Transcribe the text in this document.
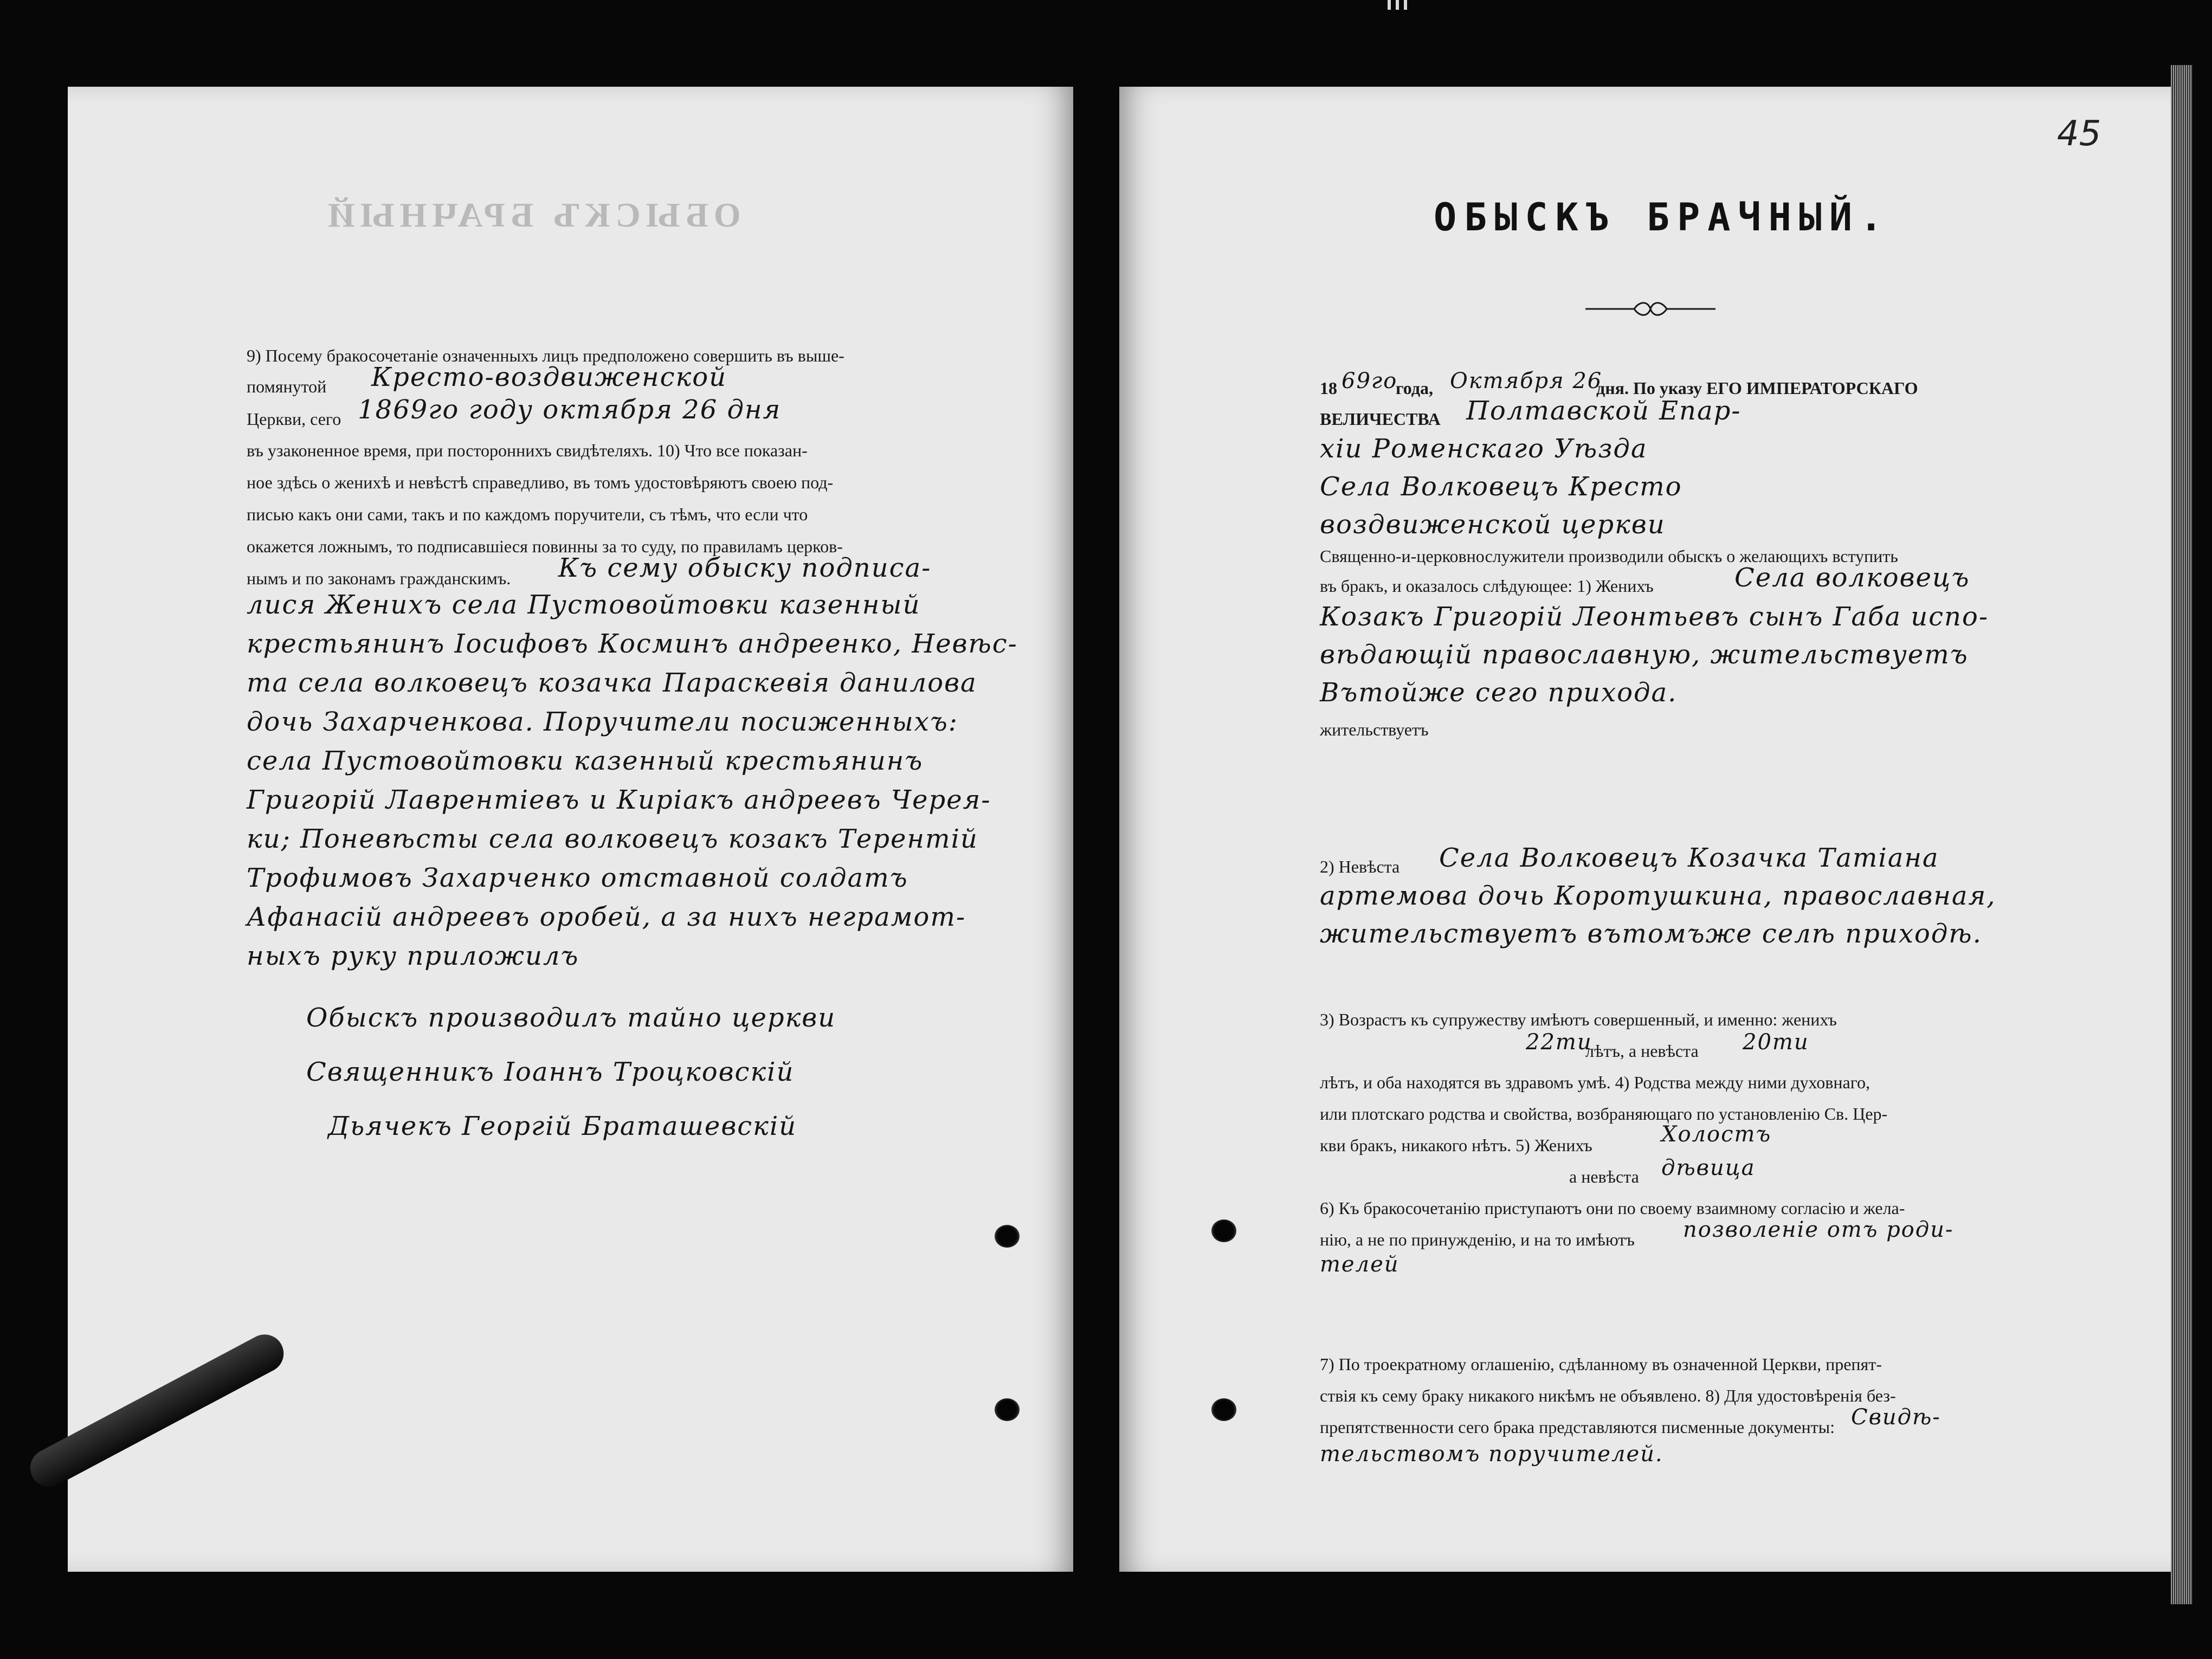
ОБЫСКЪ БРАЧНЫЙ
9) Посему бракосочетаніе означенныхъ лицъ предположено совершить въ выше-
помянутой Кресто-воздвиженской
Церкви, сего 1869го году октября 26 дня
въ узаконенное время, при постороннихъ свидѣтеляхъ. 10) Что все показан-
ное здѣсь о женихѣ и невѣстѣ справедливо, въ томъ удостовѣряютъ своею под-
писью какъ они сами, такъ и по каждомъ поручители, съ тѣмъ, что если что
окажется ложнымъ, то подписавшіеся повинны за то суду, по правиламъ церков-
нымъ и по законамъ гражданскимъ. Къ сему обыску подписа-
лися Женихъ села Пустовойтовки казенный
крестьянинъ Іосифовъ Косминъ андреенко, Невѣс-
та села волковецъ козачка Параскевія данилова
дочь Захарченкова. Поручители посиженныхъ:
села Пустовойтовки казенный крестьянинъ
Григорій Лаврентіевъ и Киріакъ андреевъ Черея-
ки; Поневѣсты села волковецъ козакъ Терентій
Трофимовъ Захарченко отставной солдатъ
Афанасій андреевъ оробей, а за нихъ неграмот-
ныхъ руку приложилъ
Обыскъ производилъ тайно церкви
Священникъ Іоаннъ Троцковскій
Дьячекъ Георгій Браташевскій
45
ОБЫСКЪ БРАЧНЫЙ.
18 69го
года, Октября 26
дня. По указу ЕГО ИМПЕРАТОРСКАГО
ВЕЛИЧЕСТВА Полтавской Епар-
хіи Роменскаго Уѣзда
Села Волковецъ Кресто
воздвиженской церкви
Священно-и-церковнослужители производили обыскъ о желающихъ вступить
въ бракъ, и оказалось слѣдующее: 1) Женихъ	Села волковецъ
Козакъ Григорій Леонтьевъ сынъ Габа испо-
вѣдающій православную, жительствуетъ
Вътойже сего прихода.
жительствуетъ
2) Невѣста Села Волковецъ Козачка Татіана
артемова дочь Коротушкина, православная,
жительствуетъ вътомъже селѣ приходѣ.
3) Возрастъ къ супружеству имѣютъ совершенный, и именно: женихъ
22ти
лѣтъ, а невѣста 20ти
лѣтъ, и оба находятся въ здравомъ умѣ. 4) Родства между ними духовнаго,
или плотскаго родства и свойства, возбраняющаго по установленію Св. Цер-
кви бракъ, никакого нѣтъ. 5) Женихъ	Холостъ
а невѣста дѣвица
6) Къ бракосочетанію приступаютъ они по своему взаимному согласію и жела-
нію, а не по принужденію, и на то имѣютъ позволеніе отъ роди-
телей
7) По троекратному оглашенію, сдѣланному въ означенной Церкви, препят-
ствія къ сему браку никакого никѣмъ не объявлено. 8) Для удостовѣренія без-
препятственности сего брака представляются писменные документы: Свидѣ-
тельствомъ поручителей.
